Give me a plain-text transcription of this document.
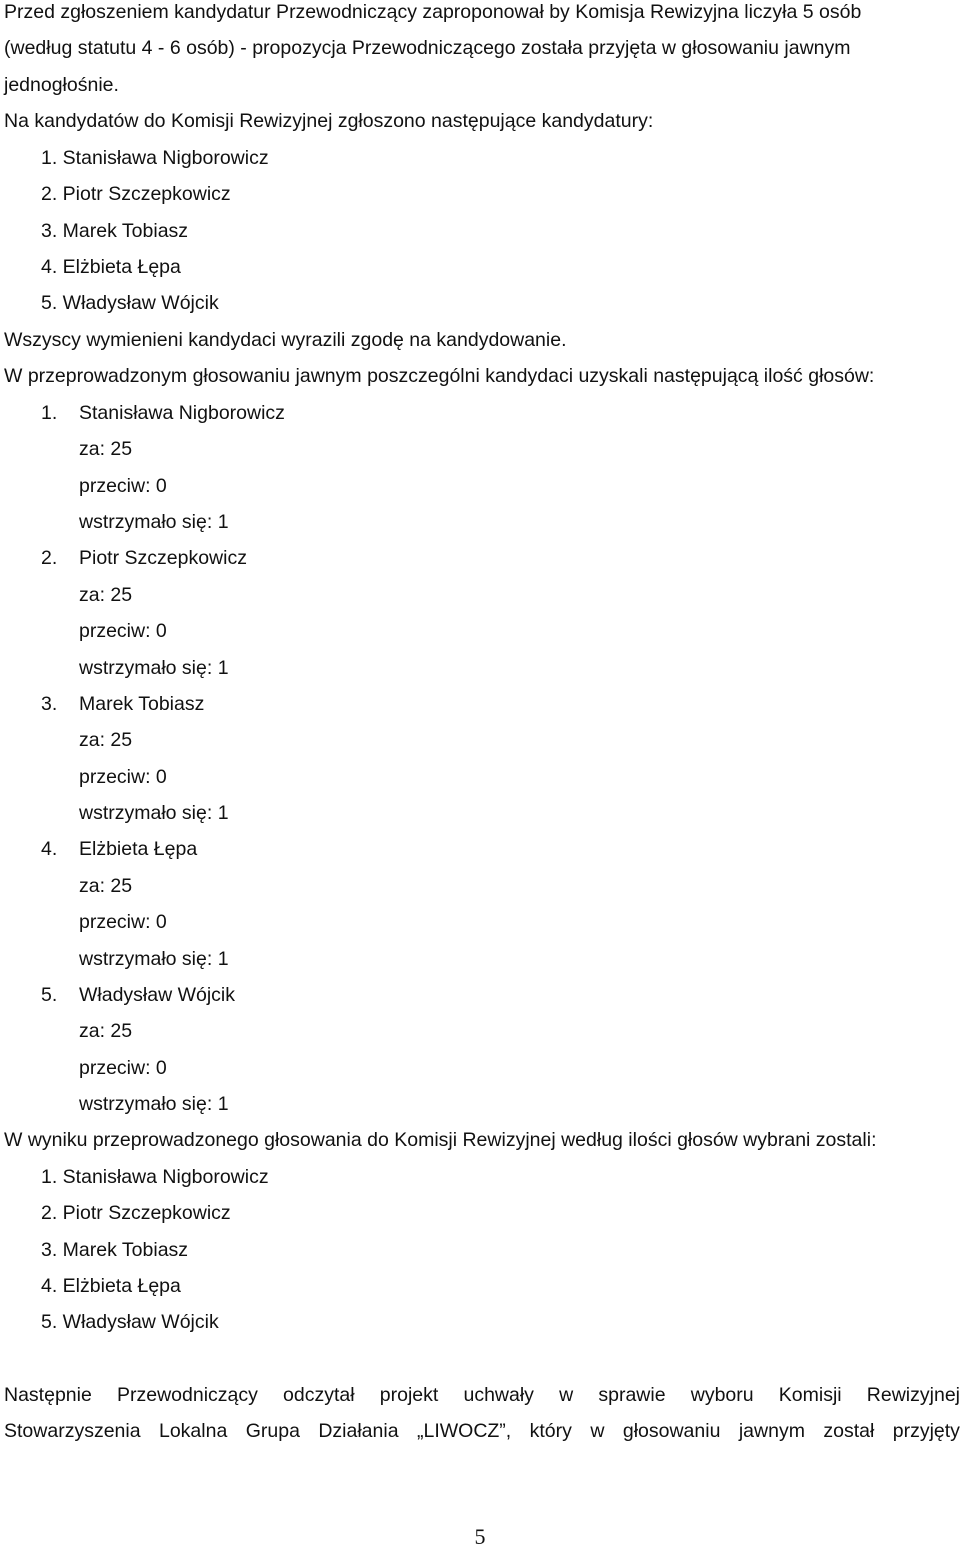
Przed zgłoszeniem kandydatur Przewodniczący zaproponował by Komisja Rewizyjna liczyła 5 osób
(według statutu 4 - 6 osób) - propozycja Przewodniczącego została przyjęta w głosowaniu jawnym
jednogłośnie.
Na kandydatów do Komisji Rewizyjnej zgłoszono następujące kandydatury:
1. Stanisława Nigborowicz
2. Piotr Szczepkowicz
3. Marek Tobiasz
4. Elżbieta Łępa
5. Władysław Wójcik
Wszyscy wymienieni kandydaci wyrazili zgodę na kandydowanie.
W przeprowadzonym głosowaniu jawnym poszczególni kandydaci uzyskali następującą ilość głosów:
1. Stanisława Nigborowicz
za: 25
przeciw: 0
wstrzymało się: 1
2. Piotr Szczepkowicz
za: 25
przeciw: 0
wstrzymało się: 1
3. Marek Tobiasz
za: 25
przeciw: 0
wstrzymało się: 1
4. Elżbieta Łępa
za: 25
przeciw: 0
wstrzymało się: 1
5. Władysław Wójcik
za: 25
przeciw: 0
wstrzymało się: 1
W wyniku przeprowadzonego głosowania do Komisji Rewizyjnej według ilości głosów wybrani zostali:
1. Stanisława Nigborowicz
2. Piotr Szczepkowicz
3. Marek Tobiasz
4. Elżbieta Łępa
5. Władysław Wójcik
Następnie Przewodniczący odczytał projekt uchwały w sprawie wyboru Komisji Rewizyjnej
Stowarzyszenia Lokalna Grupa Działania „LIWOCZ”, który w głosowaniu jawnym został przyjęty
5
